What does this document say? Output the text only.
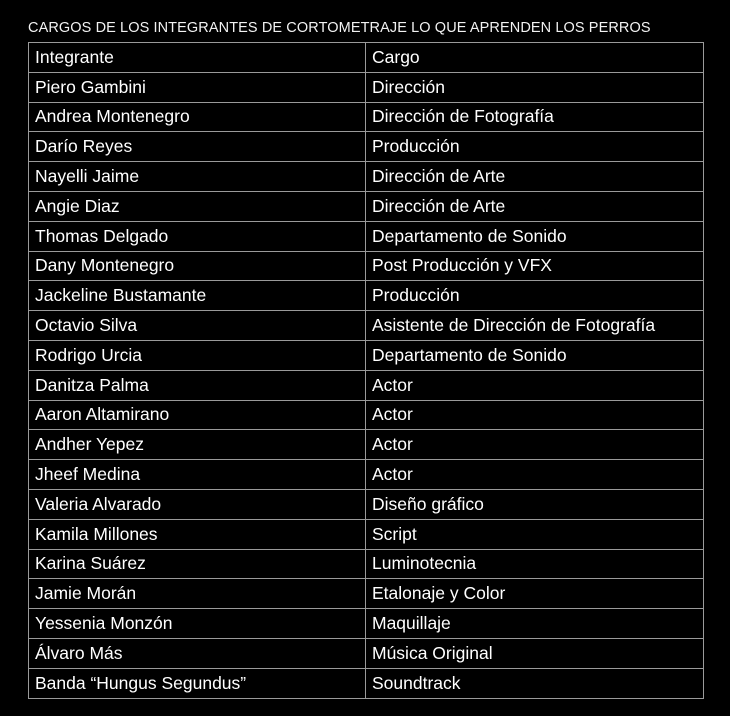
CARGOS DE LOS INTEGRANTES DE CORTOMETRAJE LO QUE APRENDEN LOS PERROS
Integrante	Cargo
Piero Gambini	Dirección
Andrea Montenegro	Dirección de Fotografía
Darío Reyes	Producción
Nayelli Jaime	Dirección de Arte
Angie Diaz	Dirección de Arte
Thomas Delgado	Departamento de Sonido
Dany Montenegro	Post Producción y VFX
Jackeline Bustamante	Producción
Octavio Silva	Asistente de Dirección de Fotografía
Rodrigo Urcia	Departamento de Sonido
Danitza Palma	Actor
Aaron Altamirano	Actor
Andher Yepez	Actor
Jheef Medina	Actor
Valeria Alvarado	Diseño gráfico
Kamila Millones	Script
Karina Suárez	Luminotecnia
Jamie Morán	Etalonaje y Color
Yessenia Monzón	Maquillaje
Álvaro Más	Música Original
Banda “Hungus Segundus”	Soundtrack
